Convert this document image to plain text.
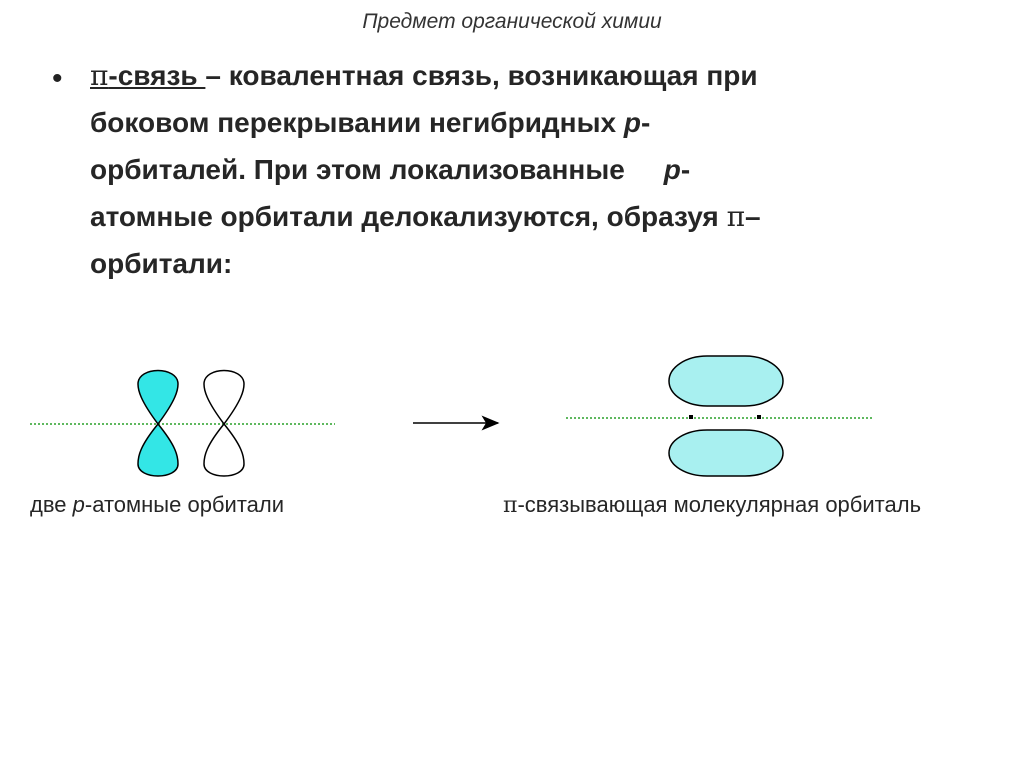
Предмет органической химии
• π-связь – ковалентная связь, возникающая при
боковом перекрывании негибридных р-
орбиталей. При этом локализованные     р-
атомные орбитали делокализуются, образуя π–
орбитали:
две р-атомные орбитали	π-связывающая молекулярная орбиталь
